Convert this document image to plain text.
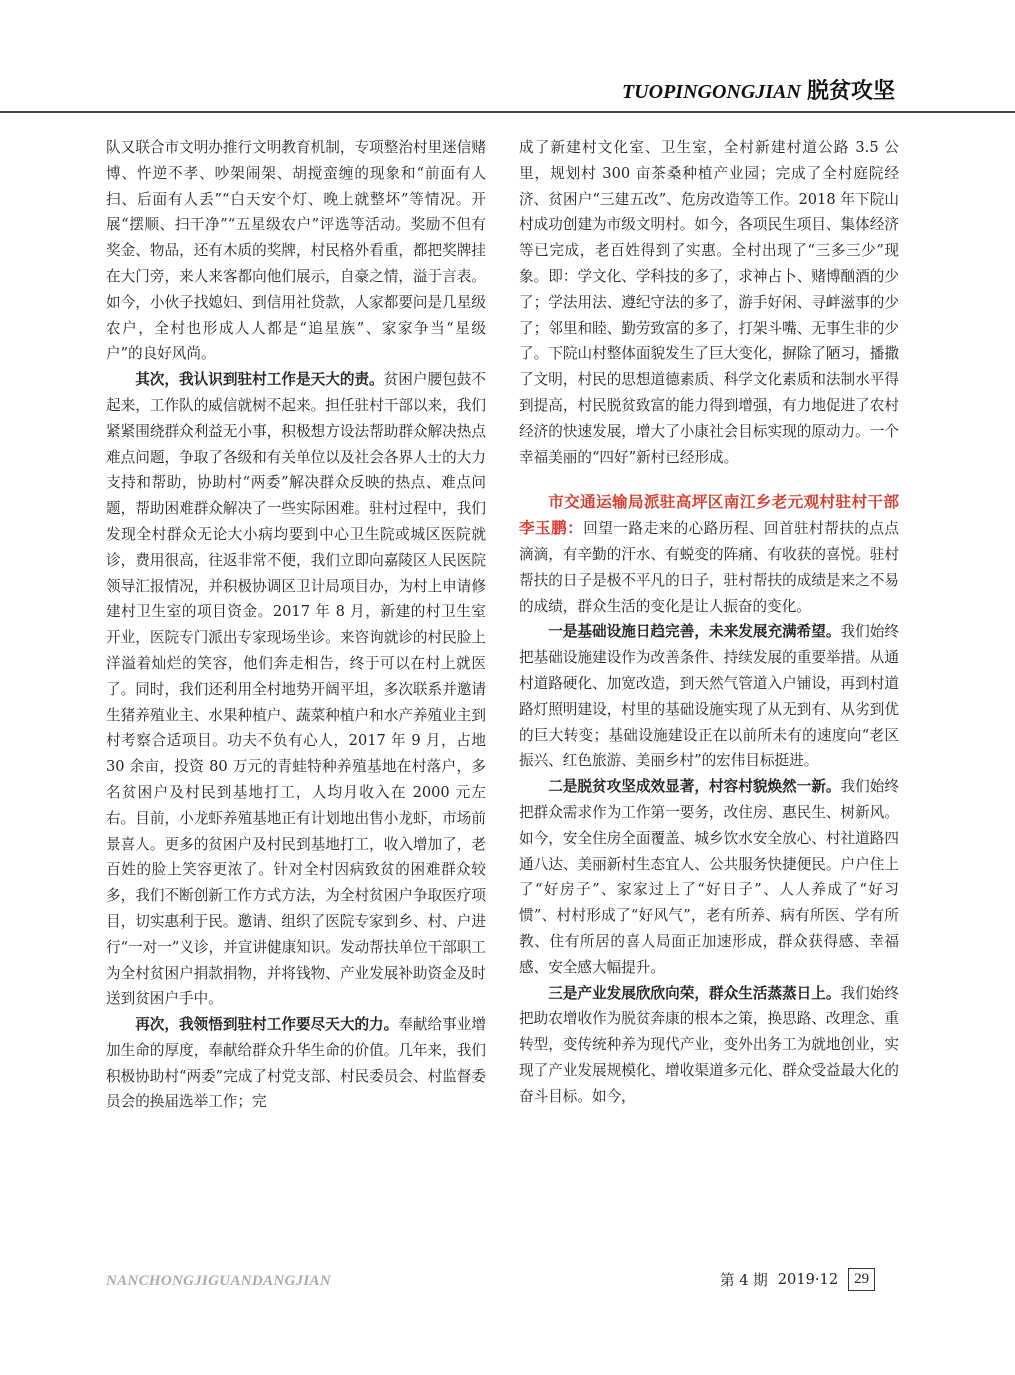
TUOPINGONGJIAN 脱贫攻坚

队又联合市文明办推行文明教育机制，专项整治村里迷信赌博、忤逆不孝、吵架闹架、胡搅蛮缠的现象和“前面有人扫、后面有人丢”“白天安个灯、晚上就整坏”等情况。开展“摆顺、扫干净”“五星级农户”评选等活动。奖励不但有奖金、物品，还有木质的奖牌，村民格外看重，都把奖牌挂在大门旁，来人来客都向他们展示，自豪之情，溢于言表。如今，小伙子找媳妇、到信用社贷款，人家都要问是几星级农户，全村也形成人人都是“追星族”、家家争当“星级户”的良好风尚。

其次，我认识到驻村工作是天大的责。贫困户腰包鼓不起来，工作队的威信就树不起来。担任驻村干部以来，我们紧紧围绕群众利益无小事，积极想方设法帮助群众解决热点难点问题，争取了各级和有关单位以及社会各界人士的大力支持和帮助，协助村“两委”解决群众反映的热点、难点问题，帮助困难群众解决了一些实际困难。驻村过程中，我们发现全村群众无论大小病均要到中心卫生院或城区医院就诊，费用很高，往返非常不便，我们立即向嘉陵区人民医院领导汇报情况，并积极协调区卫计局项目办，为村上申请修建村卫生室的项目资金。2017 年 8 月，新建的村卫生室开业，医院专门派出专家现场坐诊。来咨询就诊的村民脸上洋溢着灿烂的笑容，他们奔走相告，终于可以在村上就医了。同时，我们还利用全村地势开阔平坦，多次联系并邀请生猪养殖业主、水果种植户、蔬菜种植户和水产养殖业主到村考察合适项目。功夫不负有心人，2017 年 9 月，占地 30 余亩，投资 80 万元的青蛙特种养殖基地在村落户，多名贫困户及村民到基地打工，人均月收入在 2000 元左右。目前，小龙虾养殖基地正有计划地出售小龙虾，市场前景喜人。更多的贫困户及村民到基地打工，收入增加了，老百姓的脸上笑容更浓了。针对全村因病致贫的困难群众较多，我们不断创新工作方式方法，为全村贫困户争取医疗项目，切实惠利于民。邀请、组织了医院专家到乡、村、户进行“一对一”义诊，并宣讲健康知识。发动帮扶单位干部职工为全村贫困户捐款捐物，并将钱物、产业发展补助资金及时送到贫困户手中。

再次，我领悟到驻村工作要尽天大的力。奉献给事业增加生命的厚度，奉献给群众升华生命的价值。几年来，我们积极协助村“两委”完成了村党支部、村民委员会、村监督委员会的换届选举工作；完

成了新建村文化室、卫生室，全村新建村道公路 3.5 公里，规划村 300 亩茶桑种植产业园；完成了全村庭院经济、贫困户“三建五改”、危房改造等工作。2018 年下院山村成功创建为市级文明村。如今，各项民生项目、集体经济等已完成，老百姓得到了实惠。全村出现了“三多三少”现象。即：学文化、学科技的多了，求神占卜、赌博酗酒的少了；学法用法、遵纪守法的多了，游手好闲、寻衅滋事的少了；邻里和睦、勤劳致富的多了，打架斗嘴、无事生非的少了。下院山村整体面貌发生了巨大变化，摒除了陋习，播撒了文明，村民的思想道德素质、科学文化素质和法制水平得到提高，村民脱贫致富的能力得到增强，有力地促进了农村经济的快速发展，增大了小康社会目标实现的原动力。一个幸福美丽的“四好”新村已经形成。

市交通运输局派驻高坪区南江乡老元观村驻村干部　李玉鹏：回望一路走来的心路历程、回首驻村帮扶的点点滴滴，有辛勤的汗水、有蜕变的阵痛、有收获的喜悦。驻村帮扶的日子是极不平凡的日子，驻村帮扶的成绩是来之不易的成绩，群众生活的变化是让人振奋的变化。

一是基础设施日趋完善，未来发展充满希望。我们始终把基础设施建设作为改善条件、持续发展的重要举措。从通村道路硬化、加宽改造，到天然气管道入户铺设，再到村道路灯照明建设，村里的基础设施实现了从无到有、从劣到优的巨大转变；基础设施建设正在以前所未有的速度向“老区振兴、红色旅游、美丽乡村”的宏伟目标挺进。

二是脱贫攻坚成效显著，村容村貌焕然一新。我们始终把群众需求作为工作第一要务，改住房、惠民生、树新风。如今，安全住房全面覆盖、城乡饮水安全放心、村社道路四通八达、美丽新村生态宜人、公共服务快捷便民。户户住上了“好房子”、家家过上了“好日子”、人人养成了“好习惯”、村村形成了“好风气”，老有所养、病有所医、学有所教、住有所居的喜人局面正加速形成，群众获得感、幸福感、安全感大幅提升。

三是产业发展欣欣向荣，群众生活蒸蒸日上。我们始终把助农增收作为脱贫奔康的根本之策，换思路、改理念、重转型，变传统种养为现代产业，变外出务工为就地创业，实现了产业发展规模化、增收渠道多元化、群众受益最大化的奋斗目标。如今，

NANCHONGJIGUANDANGJIAN	第 4 期 2019·12	29
